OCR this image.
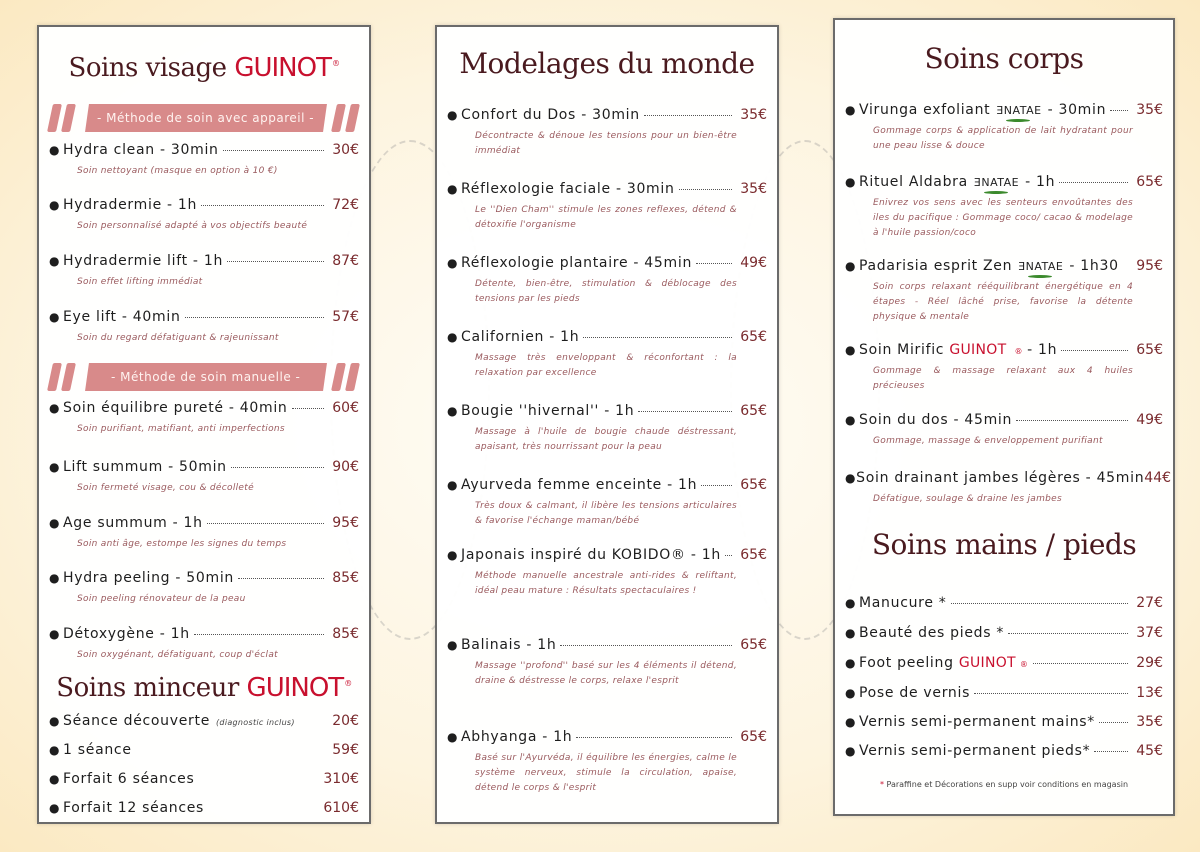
Soins visage GUINOT®
- Méthode de soin avec appareil -
● Hydra clean - 30min	30€
Soin nettoyant (masque en option à 10 €)
● Hydradermie - 1h	72€
Soin personnalisé adapté à vos objectifs beauté
● Hydradermie lift - 1h	87€
Soin effet lifting immédiat
● Eye lift - 40min	57€
Soin du regard défatiguant & rajeunissant
- Méthode de soin manuelle -
● Soin équilibre pureté - 40min	60€
Soin purifiant, matifiant, anti imperfections
● Lift summum - 50min	90€
Soin fermeté visage, cou & décolleté
● Age summum - 1h	95€
Soin anti âge, estompe les signes du temps
● Hydra peeling - 50min	85€
Soin peeling rénovateur de la peau
● Détoxygène - 1h	85€
Soin oxygénant, défatiguant, coup d'éclat
Soins minceur GUINOT®
● Séance découverte (diagnostic inclus)	20€
● 1 séance	59€
● Forfait 6 séances	310€
● Forfait 12 séances	610€
Modelages du monde
● Confort du Dos - 30min	35€
Décontracte & dénoue les tensions pour un bien-être immédiat
● Réflexologie faciale - 30min	35€
Le ''Dien Cham'' stimule les zones reflexes, détend & détoxifie l'organisme
● Réflexologie plantaire - 45min	49€
Détente, bien-être, stimulation & déblocage des tensions par les pieds
● Californien - 1h	65€
Massage très enveloppant & réconfortant : la relaxation par excellence
● Bougie ''hivernal'' - 1h	65€
Massage à l'huile de bougie chaude déstressant, apaisant, très nourrissant pour la peau
● Ayurveda femme enceinte - 1h	65€
Très doux & calmant, il libère les tensions articulaires & favorise l'échange maman/bébé
● Japonais inspiré du KOBIDO® - 1h 65€
Méthode manuelle ancestrale anti-rides & reliftant, idéal peau mature : Résultats spectaculaires !
● Balinais - 1h	65€
Massage ''profond'' basé sur les 4 éléments il détend, draine & déstresse le corps, relaxe l'esprit
● Abhyanga - 1h	65€
Basé sur l'Ayurvéda, il équilibre les énergies, calme le système nerveux, stimule la circulation, apaise, détend le corps & l'esprit
Soins corps
● Virunga exfoliant ƎNATAE - 30min 35€
Gommage corps & application de lait hydratant pour une peau lisse & douce
● Rituel Aldabra ƎNATAE - 1h	65€
Enivrez vos sens avec les senteurs envoûtantes des iles du pacifique : Gommage coco/ cacao & modelage à l'huile passion/coco
● Padarisia esprit Zen ƎNATAE - 1h30 95€
Soin corps relaxant rééquilibrant énergétique en 4 étapes - Réel lâché prise, favorise la détente physique & mentale
● Soin Mirific
GUINOT ® - 1h	65€
Gommage & massage relaxant aux 4 huiles précieuses
● Soin du dos - 45min	49€
Gommage, massage & enveloppement purifiant
● Soin drainant jambes légères - 45min 44€
Défatigue, soulage & draine les jambes
Soins mains / pieds
● Manucure *	27€
● Beauté des pieds *	37€
● Foot peeling
GUINOT ®	29€
● Pose de vernis	13€
● Vernis semi-permanent mains*	35€
● Vernis semi-permanent pieds*	45€
* Paraffine et Décorations en supp voir conditions en magasin
